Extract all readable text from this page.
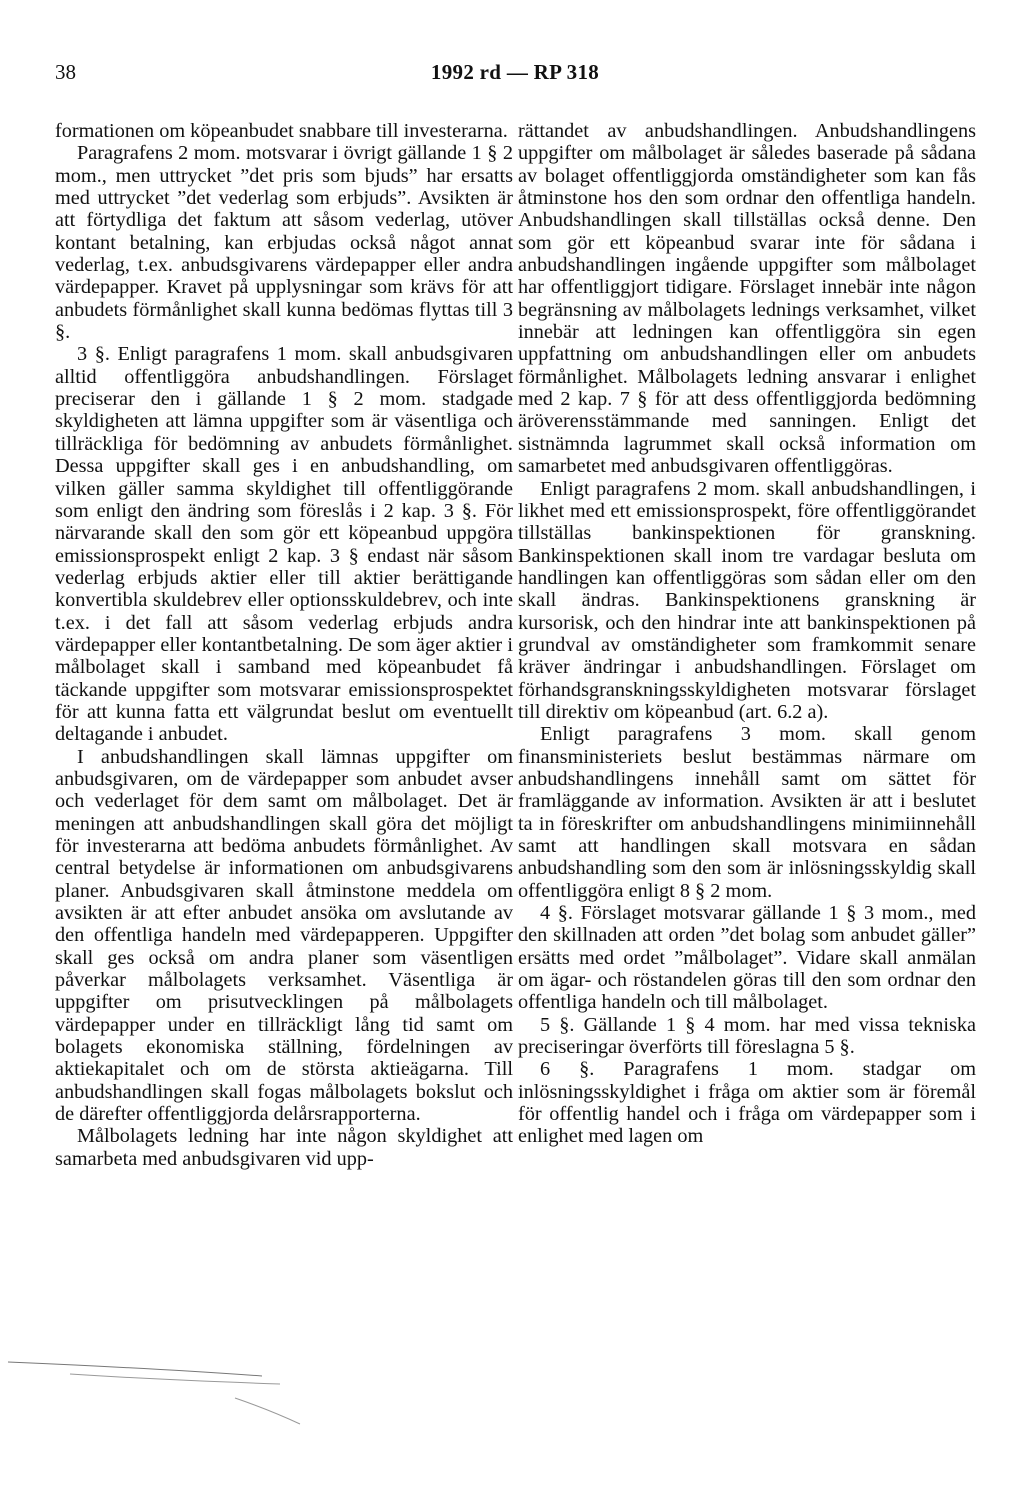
38	1992 rd — RP 318

formationen om köpeanbudet snabbare till investerarna.

Paragrafens 2 mom. motsvarar i övrigt gällande 1 § 2 mom., men uttrycket ”det pris som bjuds” har ersatts med uttrycket ”det vederlag som erbjuds”. Avsikten är att förtydliga det faktum att såsom vederlag, utöver kontant betalning, kan erbjudas också något annat vederlag, t.ex. anbudsgivarens värdepapper eller andra värdepapper. Kravet på upplysningar som krävs för att anbudets förmånlighet skall kunna bedömas flyttas till 3 §.

3 §. Enligt paragrafens 1 mom. skall anbudsgivaren alltid offentliggöra anbudshandlingen. Förslaget preciserar den i gällande 1 § 2 mom. stadgade skyldigheten att lämna uppgifter som är väsentliga och tillräckliga för bedömning av anbudets förmånlighet. Dessa uppgifter skall ges i en anbudshandling, om vilken gäller samma skyldighet till offentliggörande som enligt den ändring som föreslås i 2 kap. 3 §. För närvarande skall den som gör ett köpeanbud uppgöra emissionsprospekt enligt 2 kap. 3 § endast när såsom vederlag erbjuds aktier eller till aktier berättigande konvertibla skuldebrev eller optionsskuldebrev, och inte t.ex. i det fall att såsom vederlag erbjuds andra värdepapper eller kontantbetalning. De som äger aktier i målbolaget skall i samband med köpeanbudet få täckande uppgifter som motsvarar emissionsprospektet för att kunna fatta ett välgrundat beslut om eventuellt deltagande i anbudet.

I anbudshandlingen skall lämnas uppgifter om anbudsgivaren, om de värdepapper som anbudet avser och vederlaget för dem samt om målbolaget. Det är meningen att anbudshandlingen skall göra det möjligt för investerarna att bedöma anbudets förmånlighet. Av central betydelse är informationen om anbudsgivarens planer. Anbudsgivaren skall åtminstone meddela om avsikten är att efter anbudet ansöka om avslutande av den offentliga handeln med värdepapperen. Uppgifter skall ges också om andra planer som väsentligen påverkar målbolagets verksamhet. Väsentliga är uppgifter om prisutvecklingen på målbolagets värdepapper under en tillräckligt lång tid samt om bolagets ekonomiska ställning, fördelningen av aktiekapitalet och om de största aktieägarna. Till anbudshandlingen skall fogas målbolagets bokslut och de därefter offentliggjorda delårsrapporterna.

Målbolagets ledning har inte någon skyldighet att samarbeta med anbudsgivaren vid upp-

rättandet av anbudshandlingen. Anbudshandlingens uppgifter om målbolaget är således baserade på sådana av bolaget offentliggjorda omständigheter som kan fås åtminstone hos den som ordnar den offentliga handeln. Anbudshandlingen skall tillställas också denne. Den som gör ett köpeanbud svarar inte för sådana i anbudshandlingen ingående uppgifter som målbolaget har offentliggjort tidigare. Förslaget innebär inte någon begränsning av målbolagets lednings verksamhet, vilket innebär att ledningen kan offentliggöra sin egen uppfattning om anbudshandlingen eller om anbudets förmånlighet. Målbolagets ledning ansvarar i enlighet med 2 kap. 7 § för att dess offentliggjorda bedömning äröverensstämmande med sanningen. Enligt det sistnämnda lagrummet skall också information om samarbetet med anbudsgivaren offentliggöras.

Enligt paragrafens 2 mom. skall anbudshandlingen, i likhet med ett emissionsprospekt, före offentliggörandet tillställas bankinspektionen för granskning. Bankinspektionen skall inom tre vardagar besluta om handlingen kan offentliggöras som sådan eller om den skall ändras. Bankinspektionens granskning är kursorisk, och den hindrar inte att bankinspektionen på grundval av omständigheter som framkommit senare kräver ändringar i anbudshandlingen. Förslaget om förhandsgranskningsskyldigheten motsvarar förslaget till direktiv om köpeanbud (art. 6.2 a).

Enligt paragrafens 3 mom. skall genom finansministeriets beslut bestämmas närmare om anbudshandlingens innehåll samt om sättet för framläggande av information. Avsikten är att i beslutet ta in föreskrifter om anbudshandlingens minimiinnehåll samt att handlingen skall motsvara en sådan anbudshandling som den som är inlösningsskyldig skall offentliggöra enligt 8 § 2 mom.

4 §. Förslaget motsvarar gällande 1 § 3 mom., med den skillnaden att orden ”det bolag som anbudet gäller” ersätts med ordet ”målbolaget”. Vidare skall anmälan om ägar- och röstandelen göras till den som ordnar den offentliga handeln och till målbolaget.

5 §. Gällande 1 § 4 mom. har med vissa tekniska preciseringar överförts till föreslagna 5 §.

6 §. Paragrafens 1 mom. stadgar om inlösningsskyldighet i fråga om aktier som är föremål för offentlig handel och i fråga om värdepapper som i enlighet med lagen om
